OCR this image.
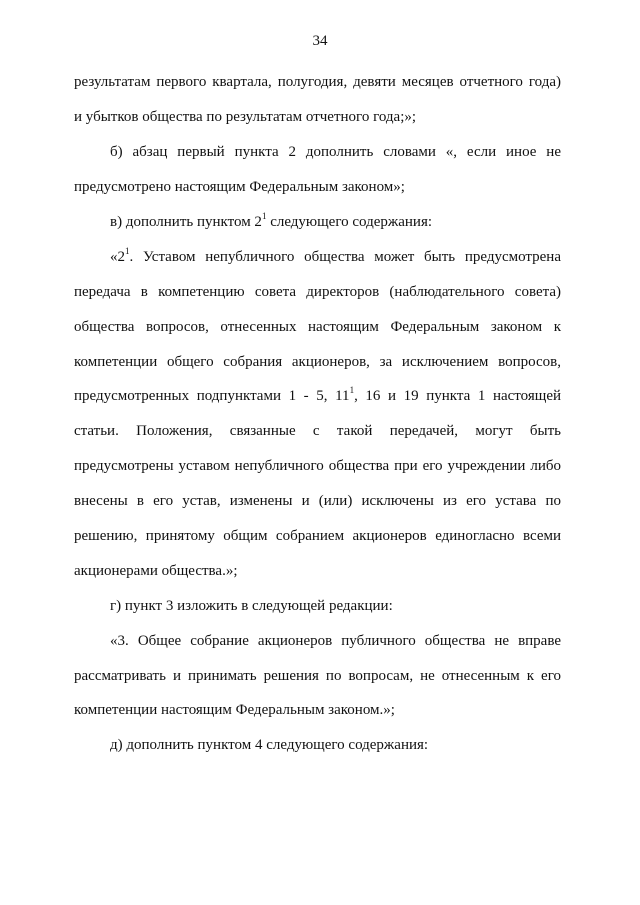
34
результатам первого квартала, полугодия, девяти месяцев отчетного года)
и убытков общества по результатам отчетного года;»;
б) абзац первый пункта 2 дополнить словами «, если иное не
предусмотрено настоящим Федеральным законом»;
в) дополнить пунктом $2^1$ следующего содержания:
«$2^1$. Уставом непубличного общества может быть предусмотрена
передача в компетенцию совета директоров (наблюдательного совета)
общества вопросов, отнесенных настоящим Федеральным законом к
компетенции общего собрания акционеров, за исключением вопросов,
предусмотренных подпунктами 1 - 5, $11^1$, 16 и 19 пункта 1 настоящей
статьи. Положения, связанные с такой передачей, могут быть
предусмотрены уставом непубличного общества при его учреждении либо
внесены в его устав, изменены и (или) исключены из его устава по
решению, принятому общим собранием акционеров единогласно всеми
акционерами общества.»;
г) пункт 3 изложить в следующей редакции:
«3. Общее собрание акционеров публичного общества не вправе
рассматривать и принимать решения по вопросам, не отнесенным к его
компетенции настоящим Федеральным законом.»;
д) дополнить пунктом 4 следующего содержания:
